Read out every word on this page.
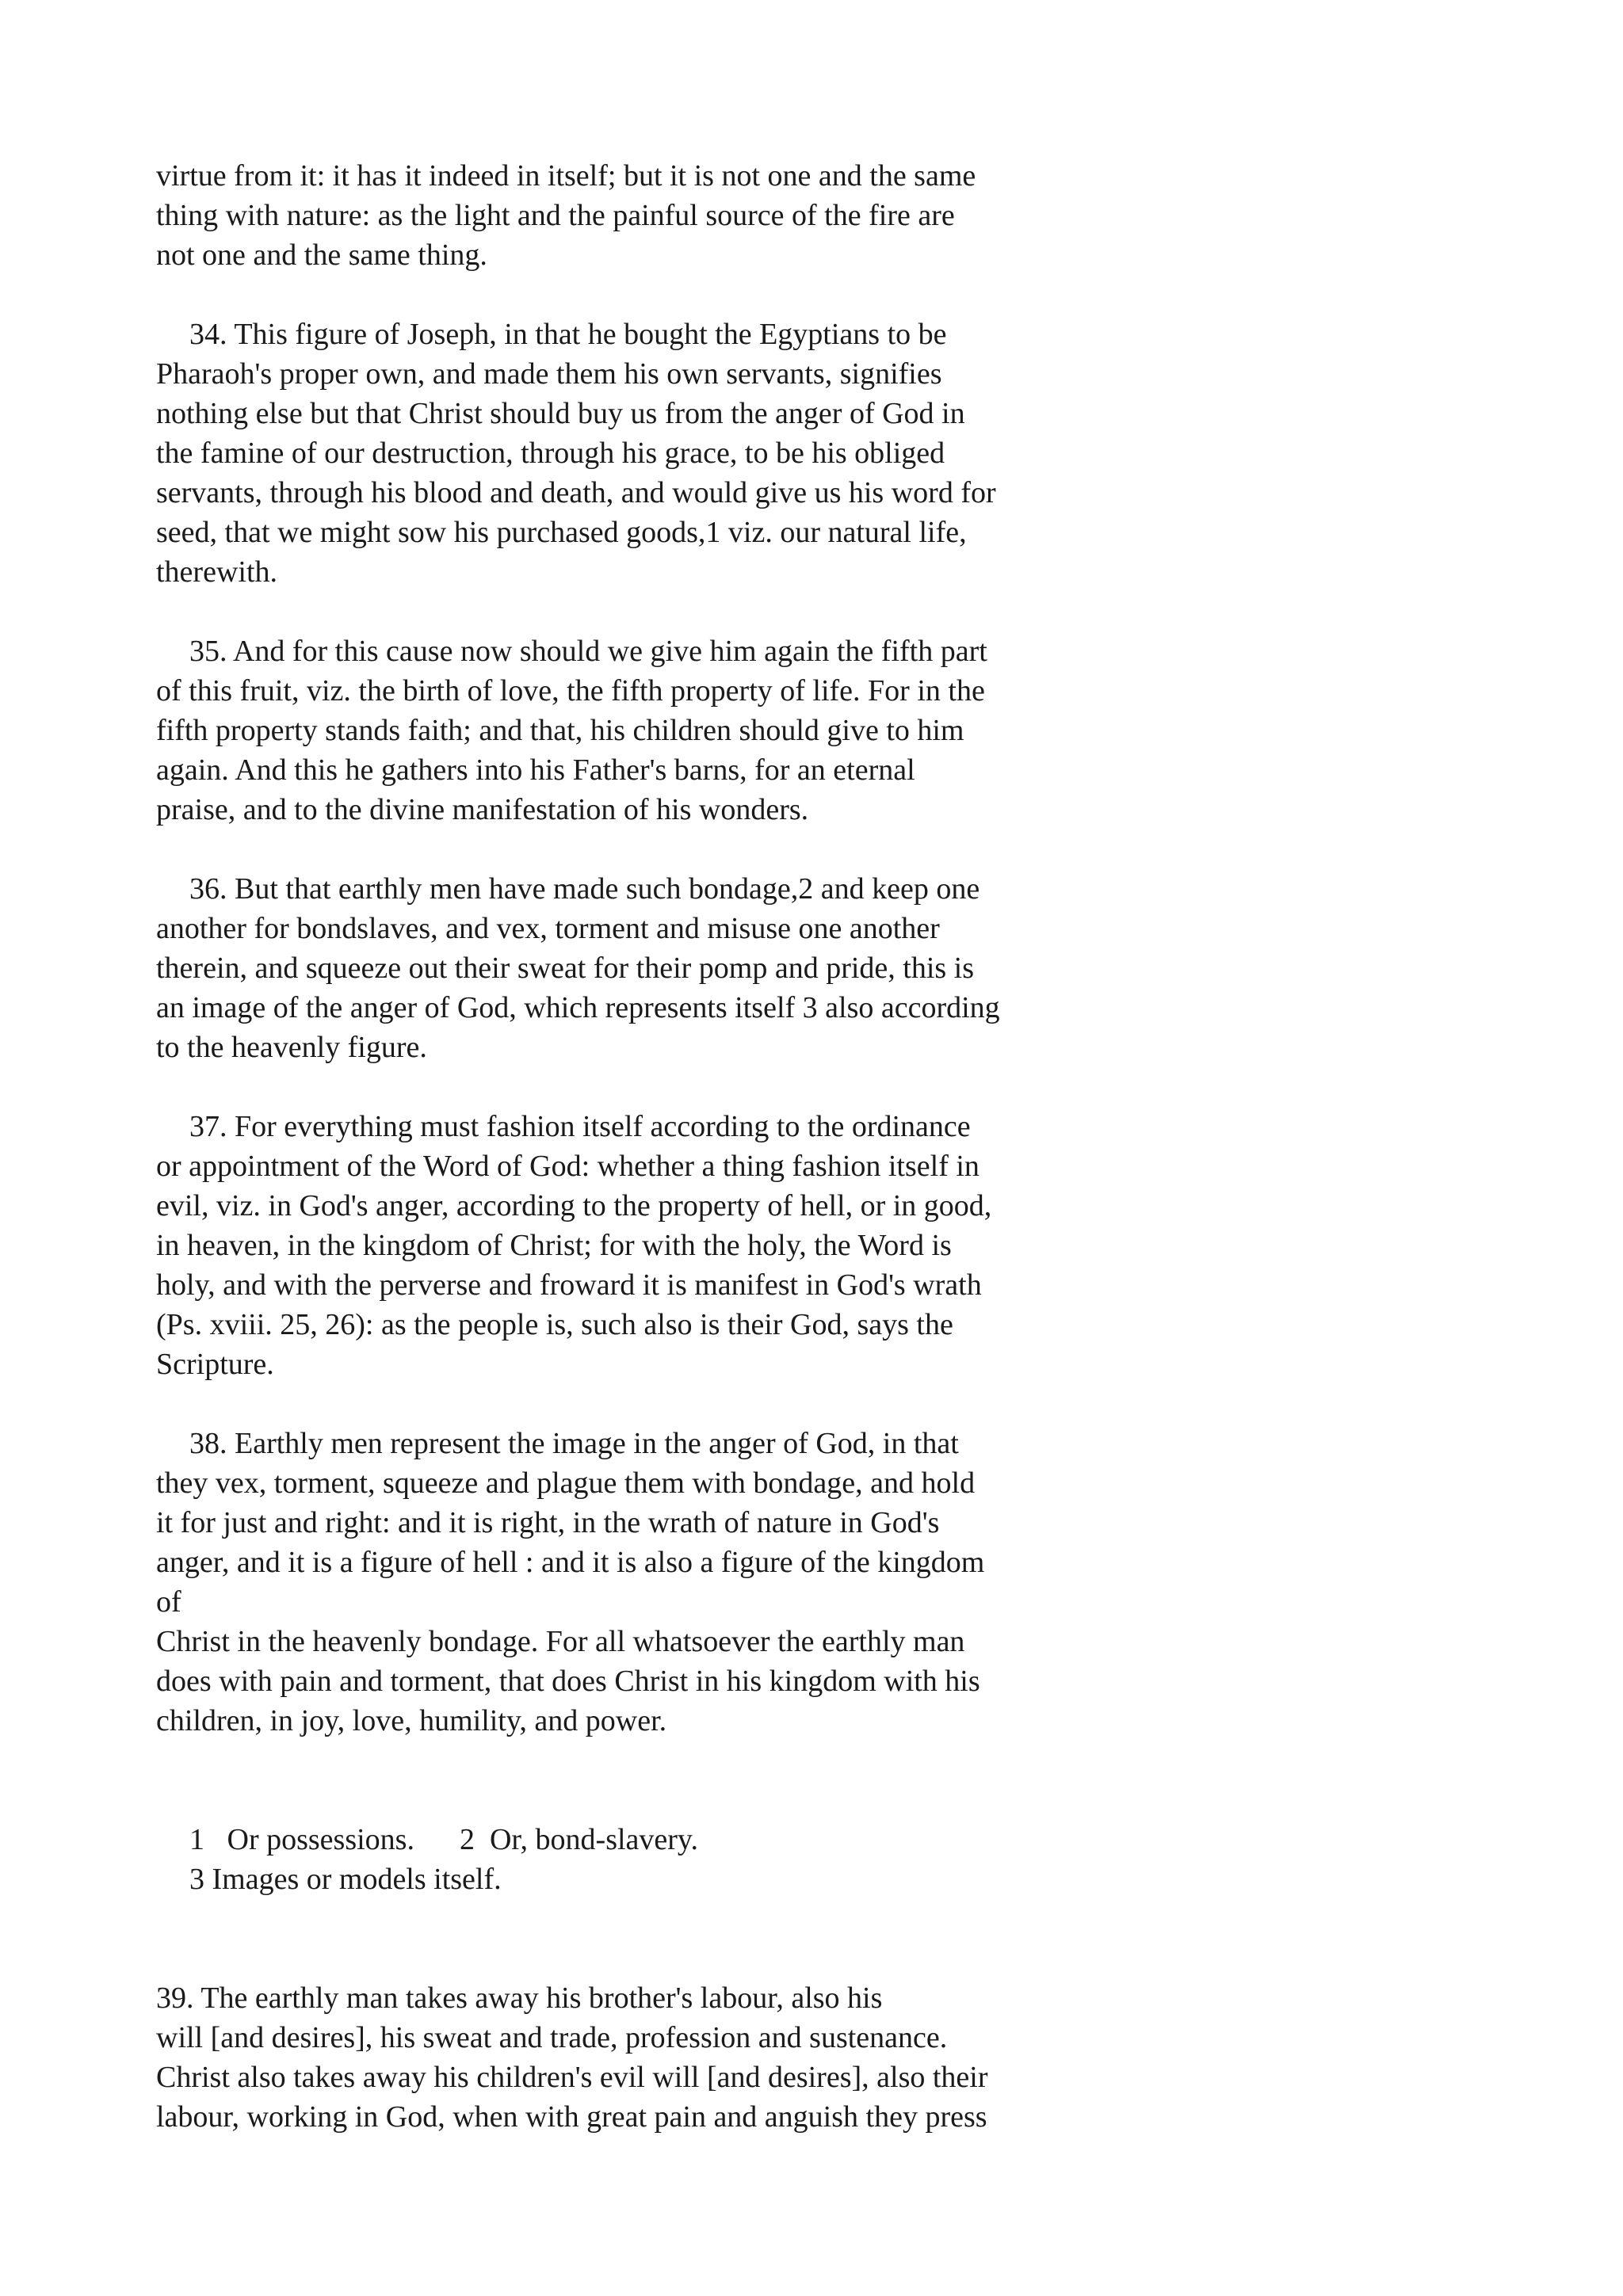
virtue from it: it has it indeed in itself; but it is not one and the same
thing with nature: as the light and the painful source of the fire are
not one and the same thing.
34. This figure of Joseph, in that he bought the Egyptians to be
Pharaoh's proper own, and made them his own servants, signifies
nothing else but that Christ should buy us from the anger of God in
the famine of our destruction, through his grace, to be his obliged
servants, through his blood and death, and would give us his word for
seed, that we might sow his purchased goods,1 viz. our natural life,
therewith.
35. And for this cause now should we give him again the fifth part
of this fruit, viz. the birth of love, the fifth property of life. For in the
fifth property stands faith; and that, his children should give to him
again. And this he gathers into his Father's barns, for an eternal
praise, and to the divine manifestation of his wonders.
36. But that earthly men have made such bondage,2 and keep one
another for bondslaves, and vex, torment and misuse one another
therein, and squeeze out their sweat for their pomp and pride, this is
an image of the anger of God, which represents itself 3 also according
to the heavenly figure.
37. For everything must fashion itself according to the ordinance
or appointment of the Word of God: whether a thing fashion itself in
evil, viz. in God's anger, according to the property of hell, or in good,
in heaven, in the kingdom of Christ; for with the holy, the Word is
holy, and with the perverse and froward it is manifest in God's wrath
(Ps. xviii. 25, 26): as the people is, such also is their God, says the
Scripture.
38. Earthly men represent the image in the anger of God, in that
they vex, torment, squeeze and plague them with bondage, and hold
it for just and right: and it is right, in the wrath of nature in God's
anger, and it is a figure of hell : and it is also a figure of the kingdom
of
Christ in the heavenly bondage. For all whatsoever the earthly man
does with pain and torment, that does Christ in his kingdom with his
children, in joy, love, humility, and power.
1   Or possessions.      2  Or, bond-slavery.
3 Images or models itself.
39. The earthly man takes away his brother's labour, also his
will [and desires], his sweat and trade, profession and sustenance.
Christ also takes away his children's evil will [and desires], also their
labour, working in God, when with great pain and anguish they press
